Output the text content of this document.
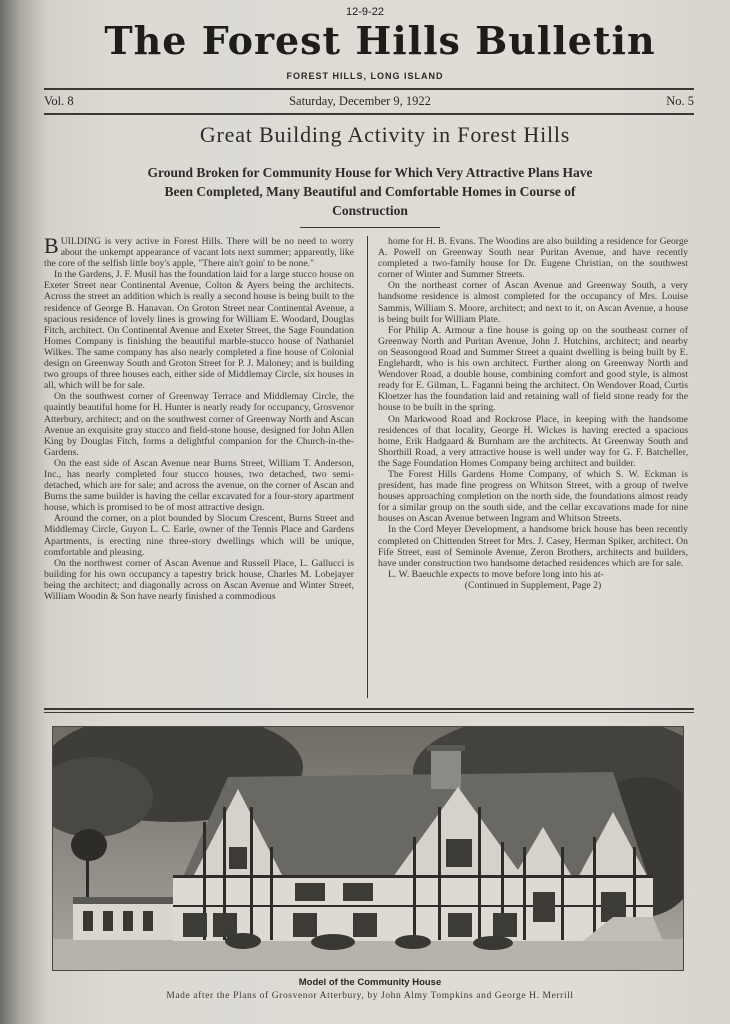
12-9-22
The Forest Hills Bulletin
FOREST HILLS, LONG ISLAND
Vol. 8	Saturday, December 9, 1922	No. 5
Great Building Activity in Forest Hills
Ground Broken for Community House for Which Very Attractive Plans Have Been Completed, Many Beautiful and Comfortable Homes in Course of Construction

BUILDING is very active in Forest Hills. There will be no need to worry about the unkempt appearance of vacant lots next summer; apparently, like the core of the selfish little boy's apple, "There ain't goin' to be none."

In the Gardens, J. F. Musil has the foundation laid for a large stucco house on Exeter Street near Continental Avenue, Colton & Ayers being the architects. Across the street an addition which is really a second house is being built to the residence of George B. Hanavan. On Groton Street near Continental Avenue, a spacious residence of lovely lines is growing for William E. Woodard, Douglas Fitch, architect. On Continental Avenue and Exeter Street, the Sage Foundation Homes Company is finishing the beautiful marble-stucco house of Nathaniel Wilkes. The same company has also nearly completed a fine house of Colonial design on Greenway South and Groton Street for P. J. Maloney; and is building two groups of three houses each, either side of Middlemay Circle, six houses in all, which will be for sale.

On the southwest corner of Greenway Terrace and Middlemay Circle, the quaintly beautiful home for H. Hunter is nearly ready for occupancy, Grosvenor Atterbury, architect; and on the southwest corner of Greenway North and Ascan Avenue an exquisite gray stucco and field-stone house, designed for John Allen King by Douglas Fitch, forms a delightful companion for the Church-in-the-Gardens.

On the east side of Ascan Avenue near Burns Street, William T. Anderson, Inc., has nearly completed four stucco houses, two detached, two semi-detached, which are for sale; and across the avenue, on the corner of Ascan and Burns the same builder is having the cellar excavated for a four-story apartment house, which is promised to be of most attractive design.

Around the corner, on a plot bounded by Slocum Crescent, Burns Street and Middlemay Circle, Guyon L. C. Earle, owner of the Tennis Place and Gardens Apartments, is erecting nine three-story dwellings which will be unique, comfortable and pleasing.

On the northwest corner of Ascan Avenue and Russell Place, L. Gallucci is building for his own occupancy a tapestry brick house, Charles M. Lobejayer being the architect; and diagonally across on Ascan Avenue and Winter Street, William Woodin & Son have nearly finished a commodious

home for H. B. Evans. The Woodins are also building a residence for George A. Powell on Greenway South near Puritan Avenue, and have recently completed a two-family house for Dr. Eugene Christian, on the southwest corner of Winter and Summer Streets.

On the northeast corner of Ascan Avenue and Greenway South, a very handsome residence is almost completed for the occupancy of Mrs. Louise Sammis, William S. Moore, architect; and next to it, on Ascan Avenue, a house is being built for William Plate.

For Philip A. Armour a fine house is going up on the southeast corner of Greenway North and Puritan Avenue, John J. Hutchins, architect; and nearby on Seasongood Road and Summer Street a quaint dwelling is being built by E. Englehardt, who is his own architect. Further along on Greenway North and Wendover Road, a double house, combining comfort and good style, is almost ready for E. Gilman, L. Faganni being the architect. On Wendover Road, Curtis Kloetzer has the foundation laid and retaining wall of field stone ready for the house to be built in the spring.

On Markwood Road and Rockrose Place, in keeping with the handsome residences of that locality, George H. Wickes is having erected a spacious home, Erik Hadgaard & Burnham are the architects. At Greenway South and Shorthill Road, a very attractive house is well under way for G. F. Batcheller, the Sage Foundation Homes Company being architect and builder.

The Forest Hills Gardens Home Company, of which S. W. Eckman is president, has made fine progress on Whitson Street, with a group of twelve houses approaching completion on the north side, the foundations almost ready for a similar group on the south side, and the cellar excavations made for nine houses on Ascan Avenue between Ingram and Whitson Streets.

In the Cord Meyer Development, a handsome brick house has been recently completed on Chittenden Street for Mrs. J. Casey, Herman Spiker, architect. On Fife Street, east of Seminole Avenue, Zeron Brothers, architects and builders, have under construction two handsome detached residences which are for sale.

L. W. Baeuchle expects to move before long into his at-

(Continued in Supplement, Page 2)

Model of the Community House
Made after the Plans of Grosvenor Atterbury, by John Almy Tompkins and George H. Merrill
